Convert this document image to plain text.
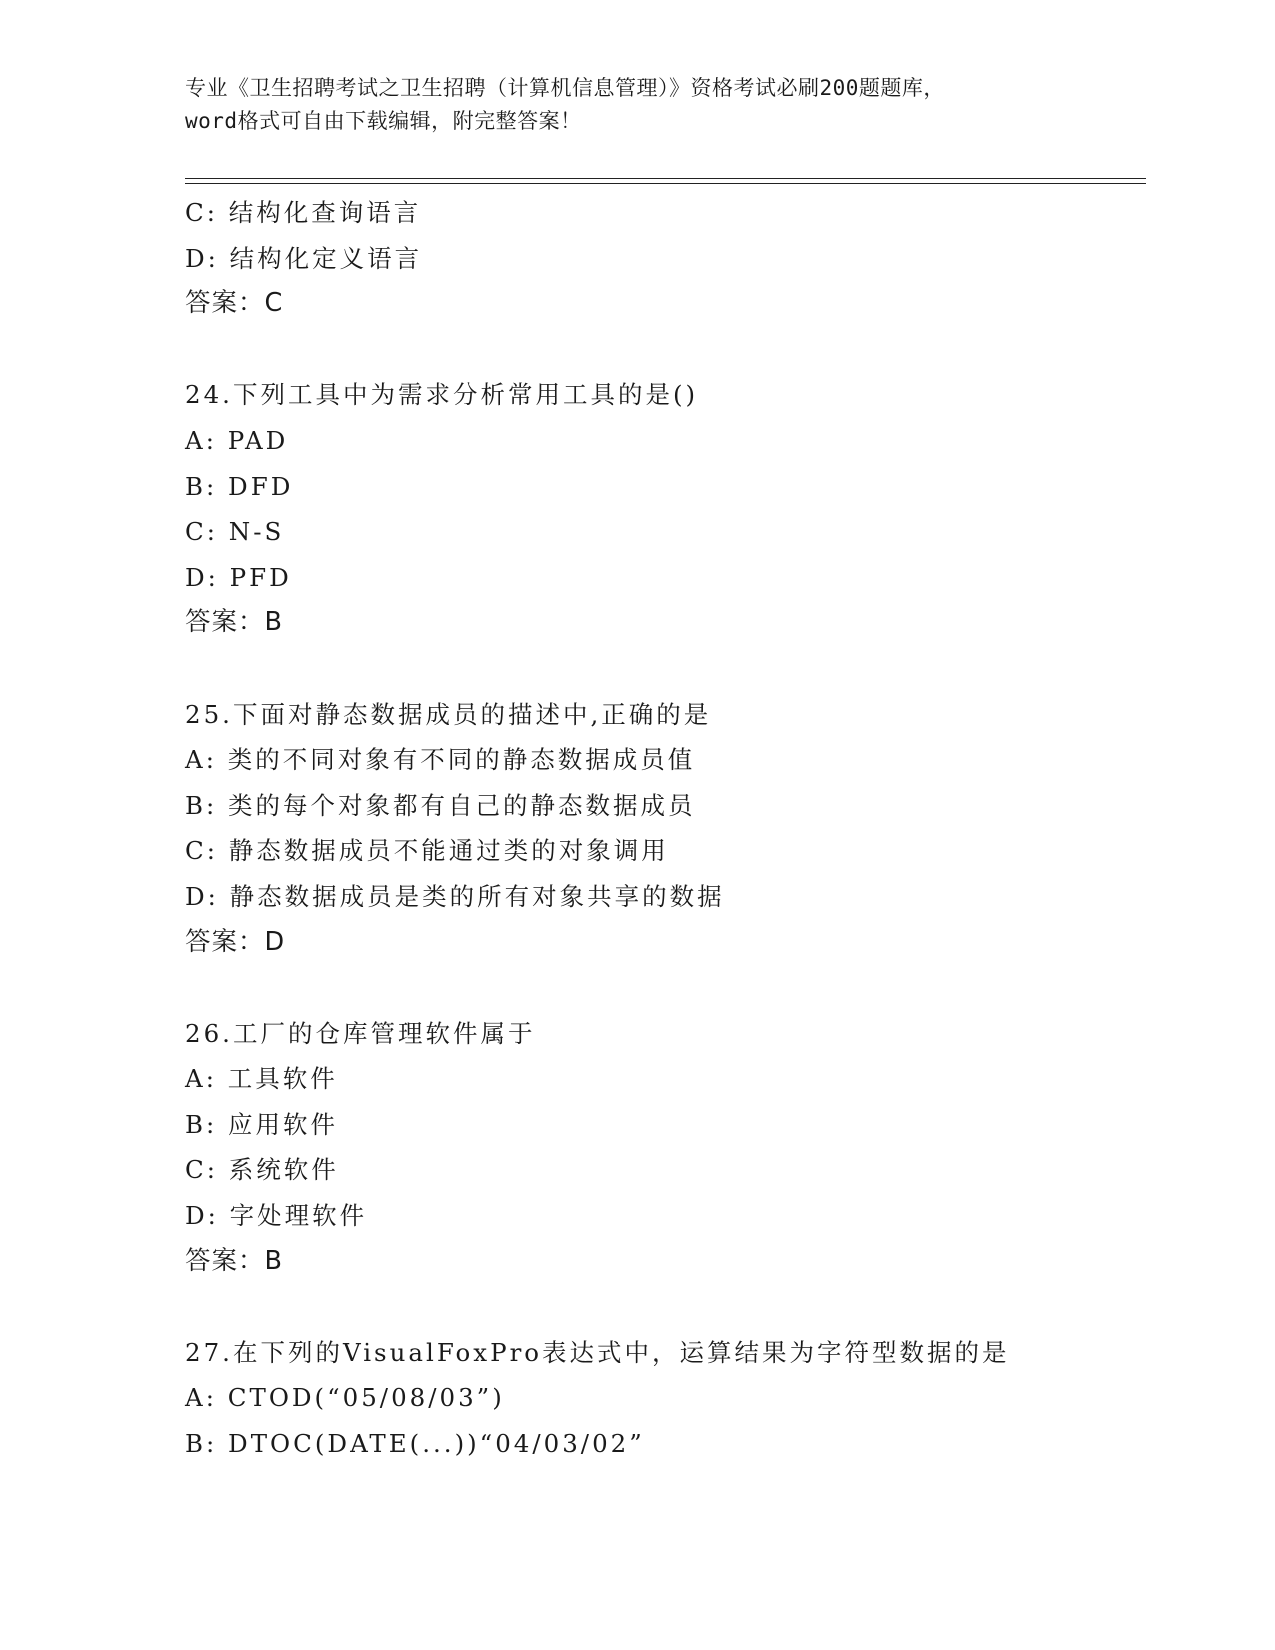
专业《卫生招聘考试之卫生招聘（计算机信息管理）》资格考试必刷200题题库，
word格式可自由下载编辑，附完整答案！
C: 结构化查询语言
D: 结构化定义语言
答案：C
24.下列工具中为需求分析常用工具的是()
A: PAD
B: DFD
C: N-S
D: PFD
答案：B
25.下面对静态数据成员的描述中,正确的是
A: 类的不同对象有不同的静态数据成员值
B: 类的每个对象都有自己的静态数据成员
C: 静态数据成员不能通过类的对象调用
D: 静态数据成员是类的所有对象共享的数据
答案：D
26.工厂的仓库管理软件属于
A: 工具软件
B: 应用软件
C: 系统软件
D: 字处理软件
答案：B
27.在下列的VisualFoxPro表达式中，运算结果为字符型数据的是
A: CTOD(“05/08/03”)
B: DTOC(DATE(...))“04/03/02”
